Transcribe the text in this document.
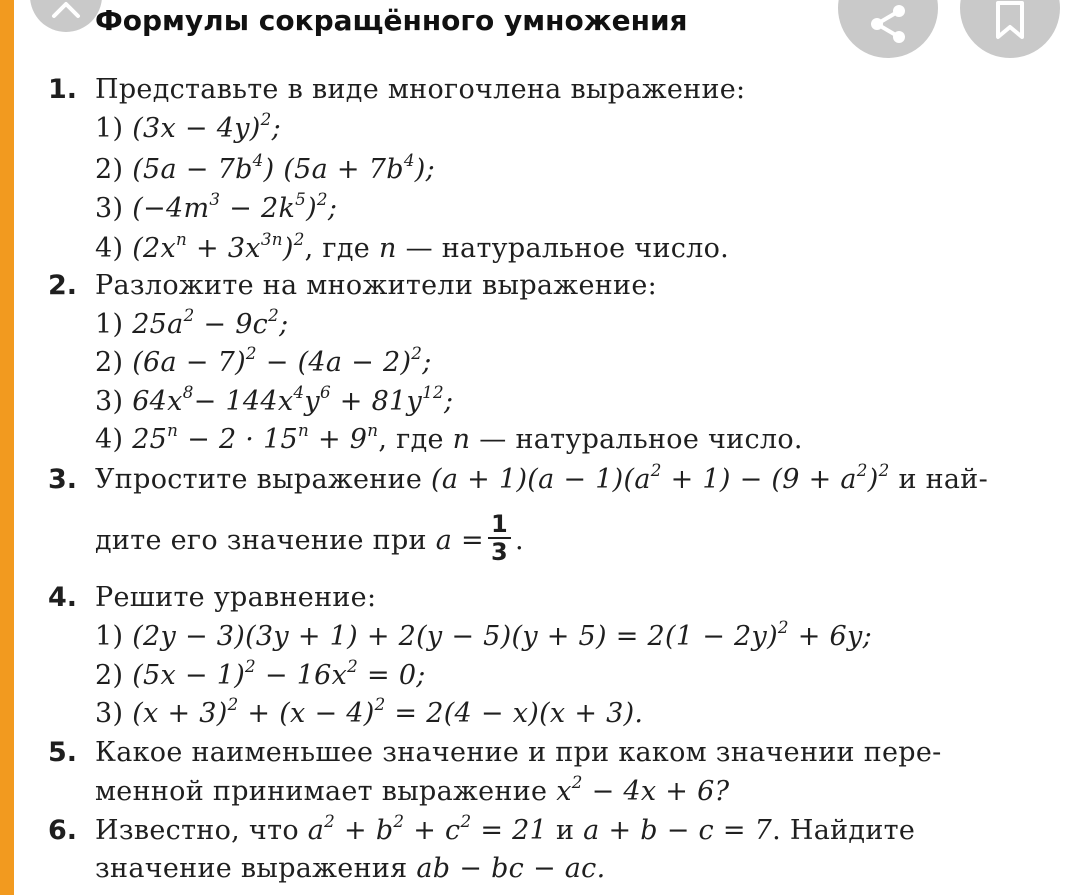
Формулы сокращённого умножения
1. Представьте в виде многочлена выражение:
1) $(3x - 4y)^2$;
2) $(5a - 7b^4)$ $(5a + 7b^4)$;
3) $(-4m^3 - 2k^5)^2$;
4) $(2x^n + 3x^{3n})^2$, где n — натуральное число.
2. Разложите на множители выражение:
1) $25a^2 - 9c^2$;
2) $(6a - 7)^2 - (4a - 2)^2$;
3) $64x^8- 144x^4y^6 + 81y^{12}$;
4) $25^n - 2 \cdot 15^n + 9^n$, где n — натуральное число.
3. Упростите выражение $(a + 1)(a - 1)(a^2 + 1) - (9 + a^2)^2$ и най-
дите его значение при $a = \frac{1}{3}$ .
4. Решите уравнение:
1) $(2y - 3)(3y + 1) + 2(y - 5)(y + 5) = 2(1 - 2y)^2 + 6y$;
2) $(5x - 1)^2 - 16x^2 = 0$;
3) $(x + 3)^2 + (x - 4)^2 = 2(4 - x)(x + 3)$.
5. Какое наименьшее значение и при каком значении пере-
менной принимает выражение $x^2 - 4x + 6$?
6. Известно, что $a^2 + b^2 + c^2 = 21$ и a + b − c = 7. Найдите
значение выражения ab − bc − ac.
